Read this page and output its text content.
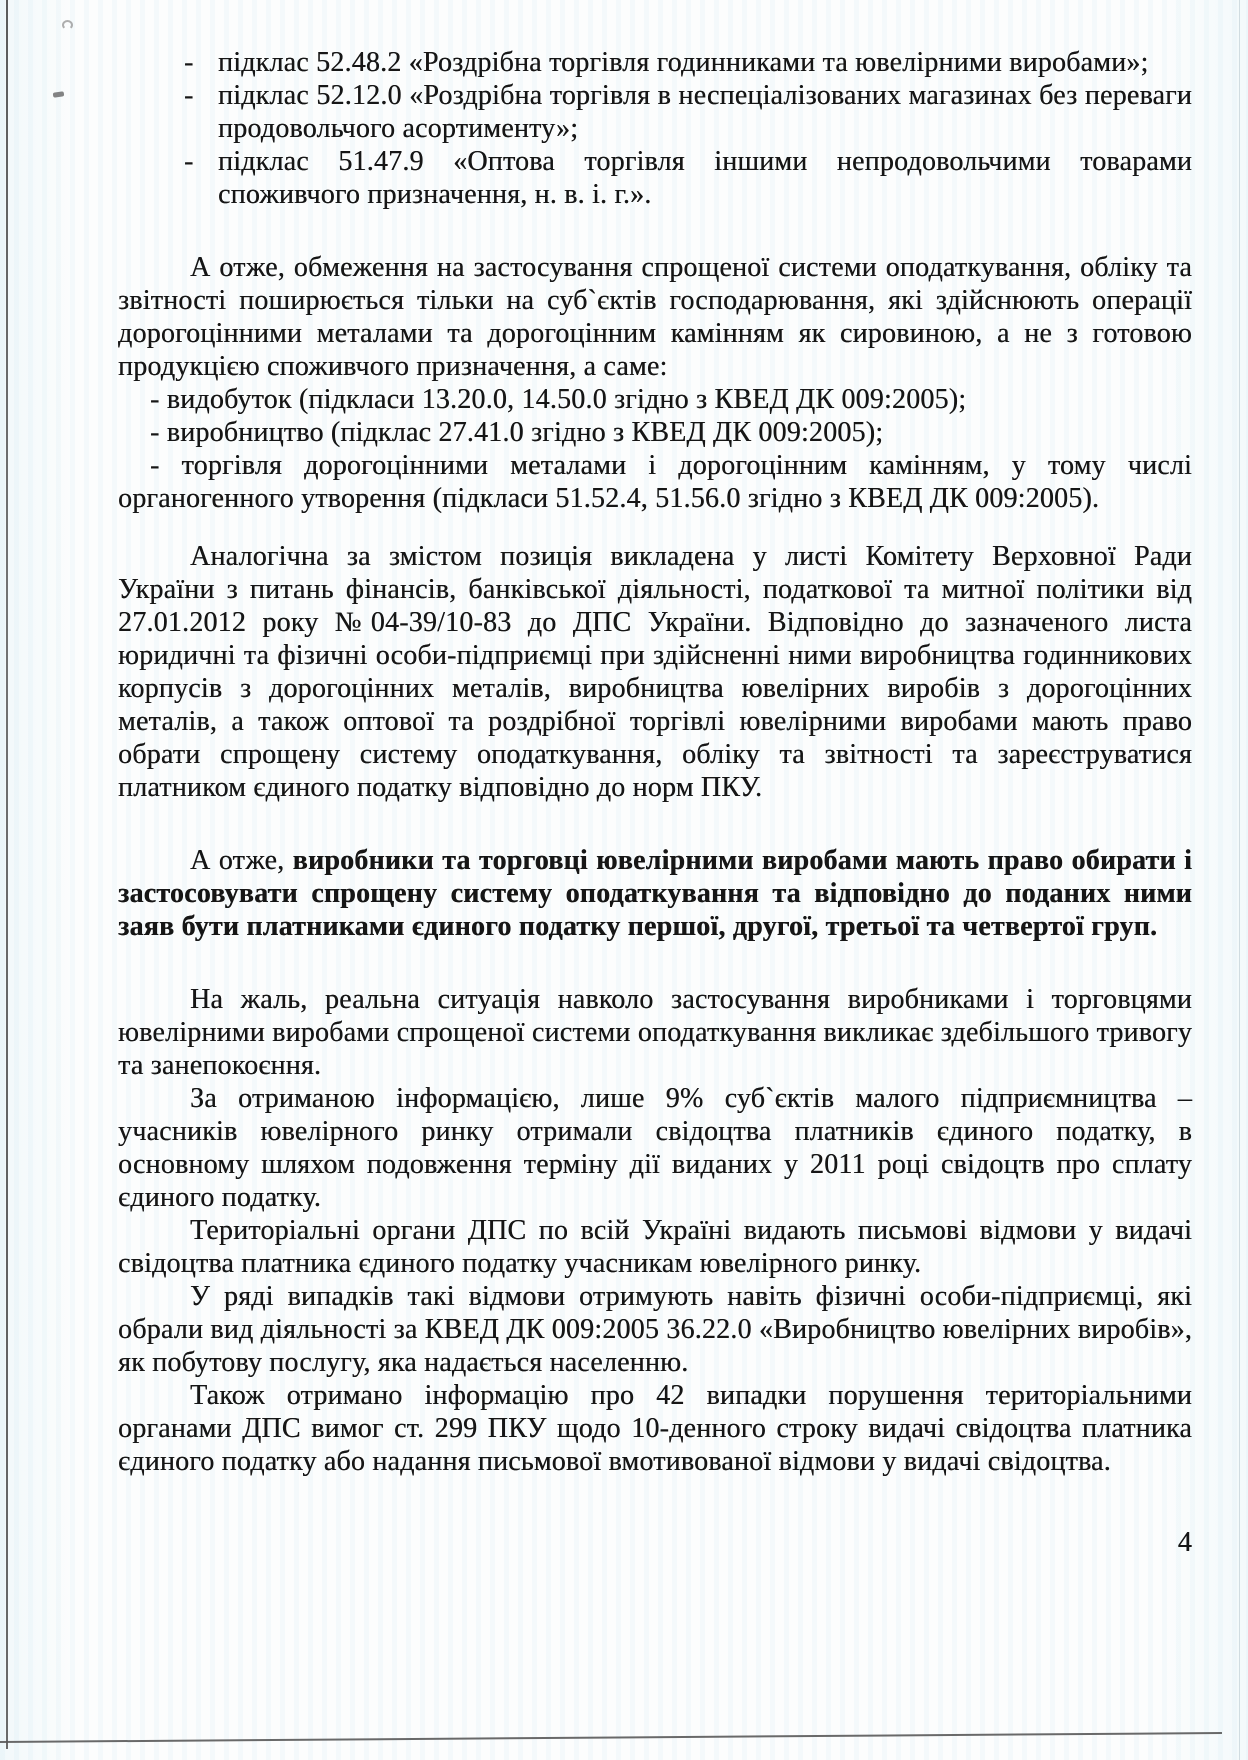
- підклас 52.48.2 «Роздрібна торгівля годинниками та ювелірними виробами»;
- підклас 52.12.0 «Роздрібна торгівля в неспеціалізованих магазинах без переваги продовольчого асортименту»;
- підклас 51.47.9 «Оптова торгівля іншими непродовольчими товарами споживчого призначення, н. в. і. г.».

А отже, обмеження на застосування спрощеної системи оподаткування, обліку та звітності поширюється тільки на суб`єктів господарювання, які здійснюють операції дорогоцінними металами та дорогоцінним камінням як сировиною, а не з готовою продукцією споживчого призначення, а саме:

- видобуток (підкласи 13.20.0, 14.50.0 згідно з КВЕД ДК 009:2005);

- виробництво (підклас 27.41.0 згідно з КВЕД ДК 009:2005);

- торгівля дорогоцінними металами і дорогоцінним камінням, у тому числі органогенного утворення (підкласи 51.52.4, 51.56.0 згідно з КВЕД ДК 009:2005).

Аналогічна за змістом позиція викладена у листі Комітету Верховної Ради України з питань фінансів, банківської діяльності, податкової та митної політики від 27.01.2012 року №04-39/10-83 до ДПС України. Відповідно до зазначеного листа юридичні та фізичні особи-підприємці при здійсненні ними виробництва годинникових корпусів з дорогоцінних металів, виробництва ювелірних виробів з дорогоцінних металів, а також оптової та роздрібної торгівлі ювелірними виробами мають право обрати спрощену систему оподаткування, обліку та звітності та зареєструватися платником єдиного податку відповідно до норм ПКУ.

А отже, виробники та торговці ювелірними виробами мають право обирати і застосовувати спрощену систему оподаткування та відповідно до поданих ними заяв бути платниками єдиного податку першої, другої, третьої та четвертої груп.

На жаль, реальна ситуація навколо застосування виробниками і торговцями ювелірними виробами спрощеної системи оподаткування викликає здебільшого тривогу та занепокоєння.

За отриманою інформацією, лише 9% суб`єктів малого підприємництва – учасників ювелірного ринку отримали свідоцтва платників єдиного податку, в основному шляхом подовження терміну дії виданих у 2011 році свідоцтв про сплату єдиного податку.

Територіальні органи ДПС по всій Україні видають письмові відмови у видачі свідоцтва платника єдиного податку учасникам ювелірного ринку.

У ряді випадків такі відмови отримують навіть фізичні особи-підприємці, які обрали вид діяльності за КВЕД ДК 009:2005 36.22.0 «Виробництво ювелірних виробів», як побутову послугу, яка надається населенню.

Також отримано інформацію про 42 випадки порушення територіальними органами ДПС вимог ст. 299 ПКУ щодо 10-денного строку видачі свідоцтва платника єдиного податку або надання письмової вмотивованої відмови у видачі свідоцтва.

4
